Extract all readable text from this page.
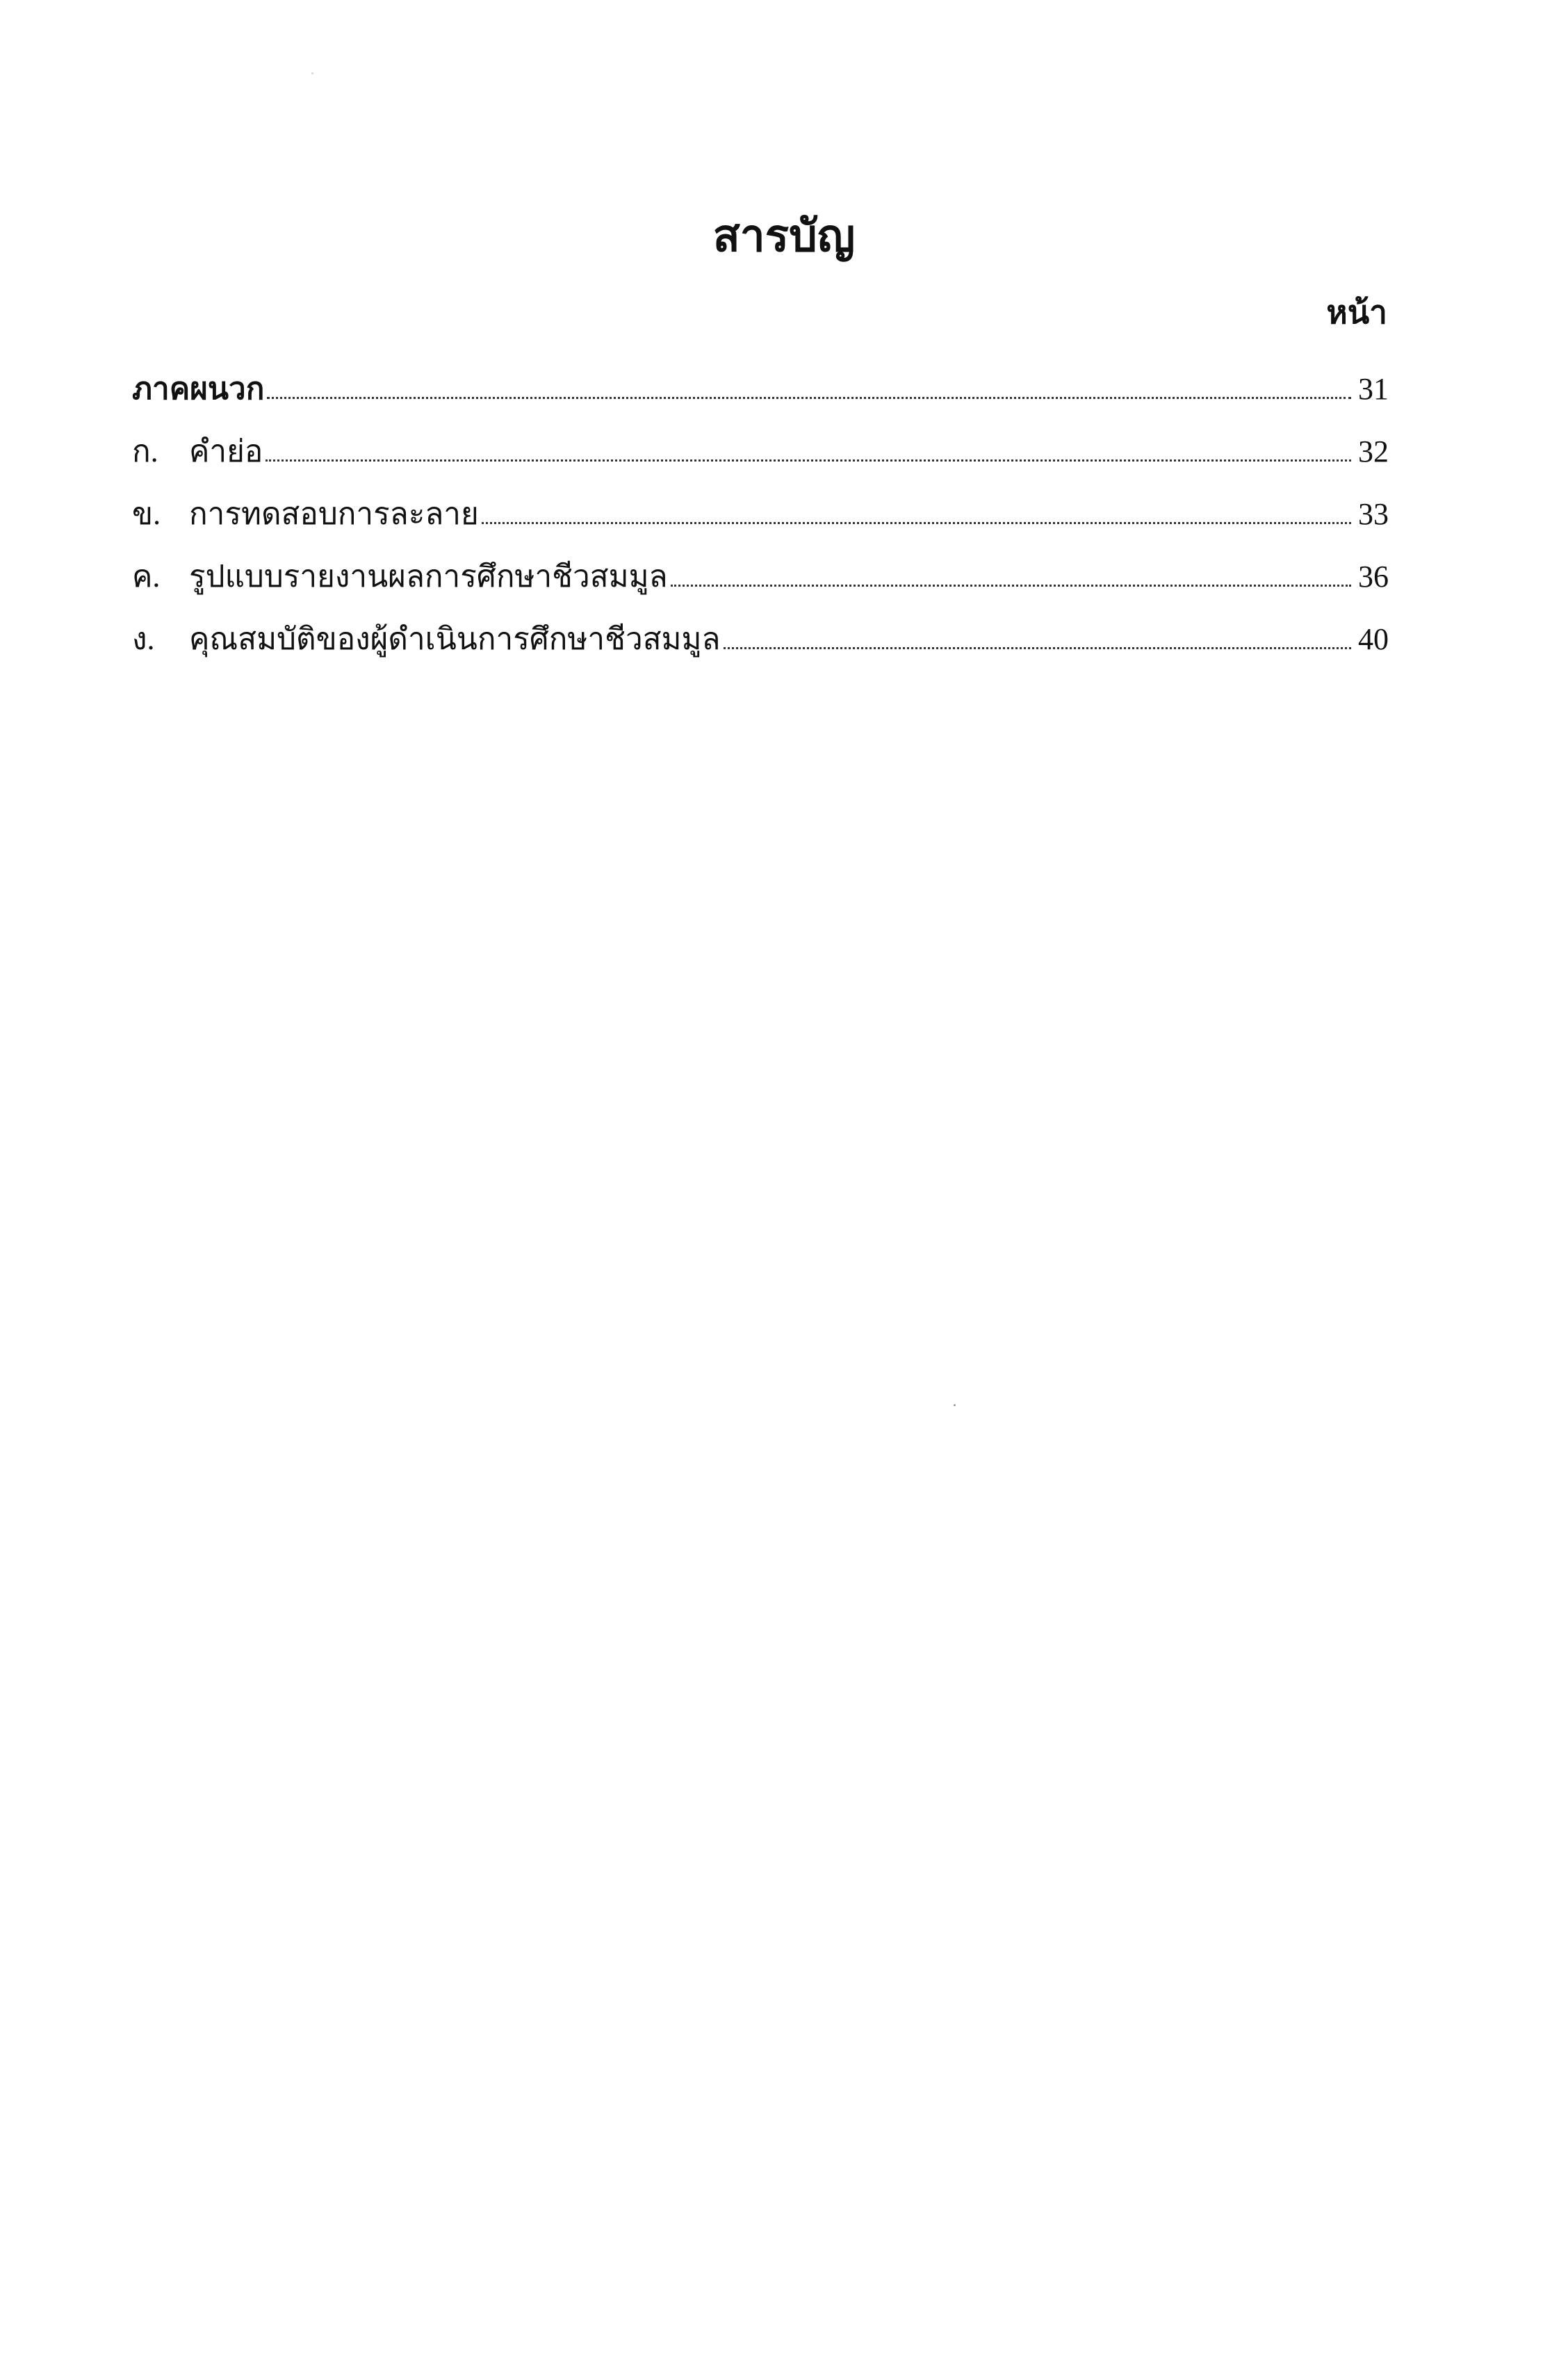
สารบัญ
หน้า
ภาคผนวก	31
ก.	คำย่อ	32
ข. การทดสอบการละลาย	33
ค. รูปแบบรายงานผลการศึกษาชีวสมมูล	36
ง.	คุณสมบัติของผู้ดำเนินการศึกษาชีวสมมูล	40
